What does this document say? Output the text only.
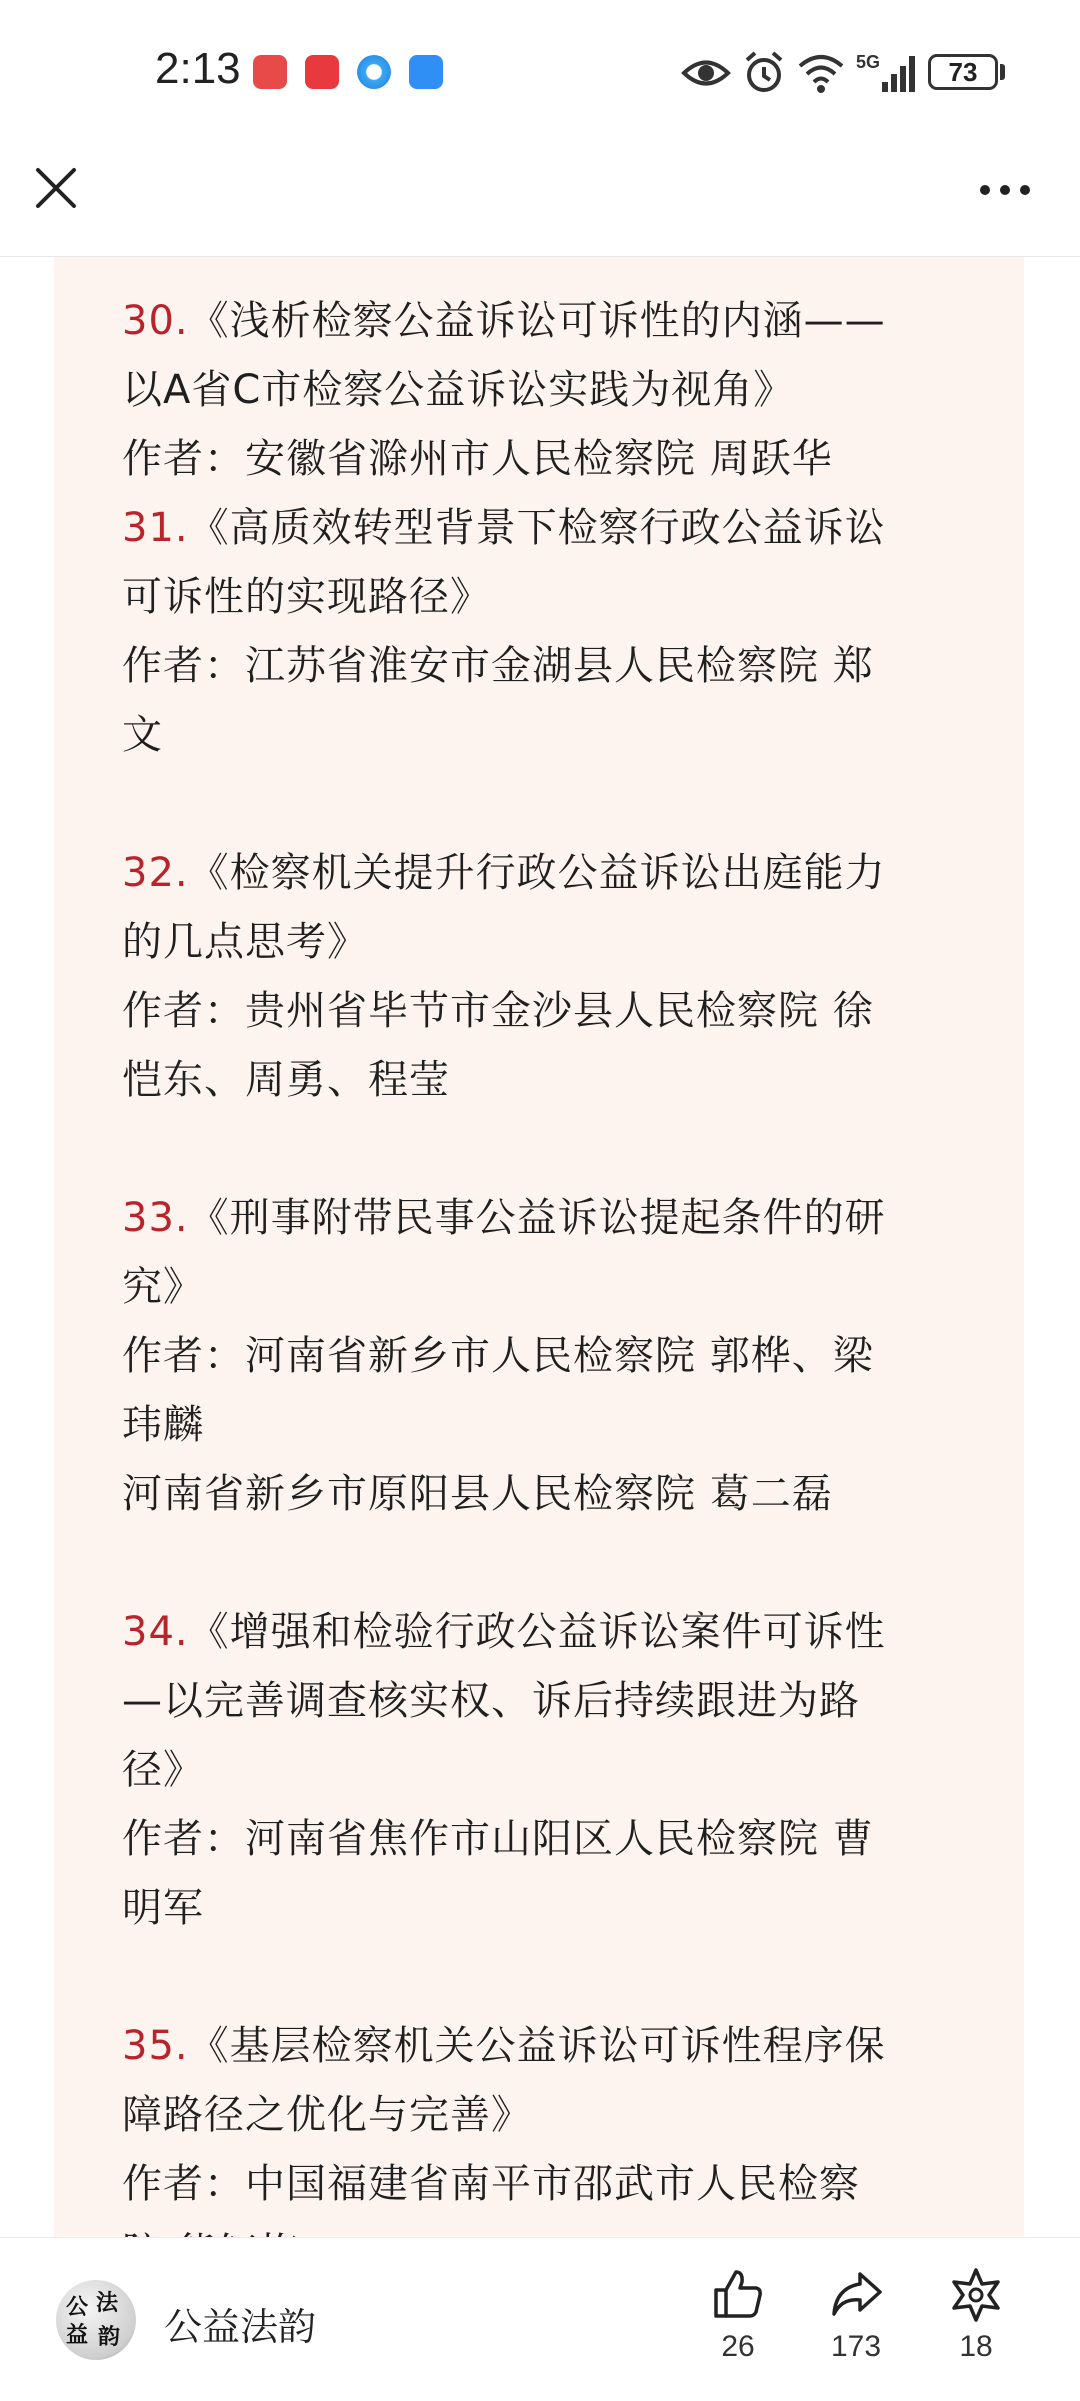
2:13	5G	73

30.《浅析检察公益诉讼可诉性的内涵——

以A省C市检察公益诉讼实践为视角》

作者：安徽省滁州市人民检察院 周跃华

31.《高质效转型背景下检察行政公益诉讼

可诉性的实现路径》

作者：江苏省淮安市金湖县人民检察院 郑

文

32.《检察机关提升行政公益诉讼出庭能力

的几点思考》

作者：贵州省毕节市金沙县人民检察院 徐

恺东、周勇、程莹

33.《刑事附带民事公益诉讼提起条件的研

究》

作者：河南省新乡市人民检察院 郭桦、梁

玮麟

河南省新乡市原阳县人民检察院 葛二磊

34.《增强和检验行政公益诉讼案件可诉性

—以完善调查核实权、诉后持续跟进为路

径》

作者：河南省焦作市山阳区人民检察院 曹

明军

35.《基层检察机关公益诉讼可诉性程序保

障路径之优化与完善》

作者：中国福建省南平市邵武市人民检察

公 法
益 韵 公益法韵	26	173	18
